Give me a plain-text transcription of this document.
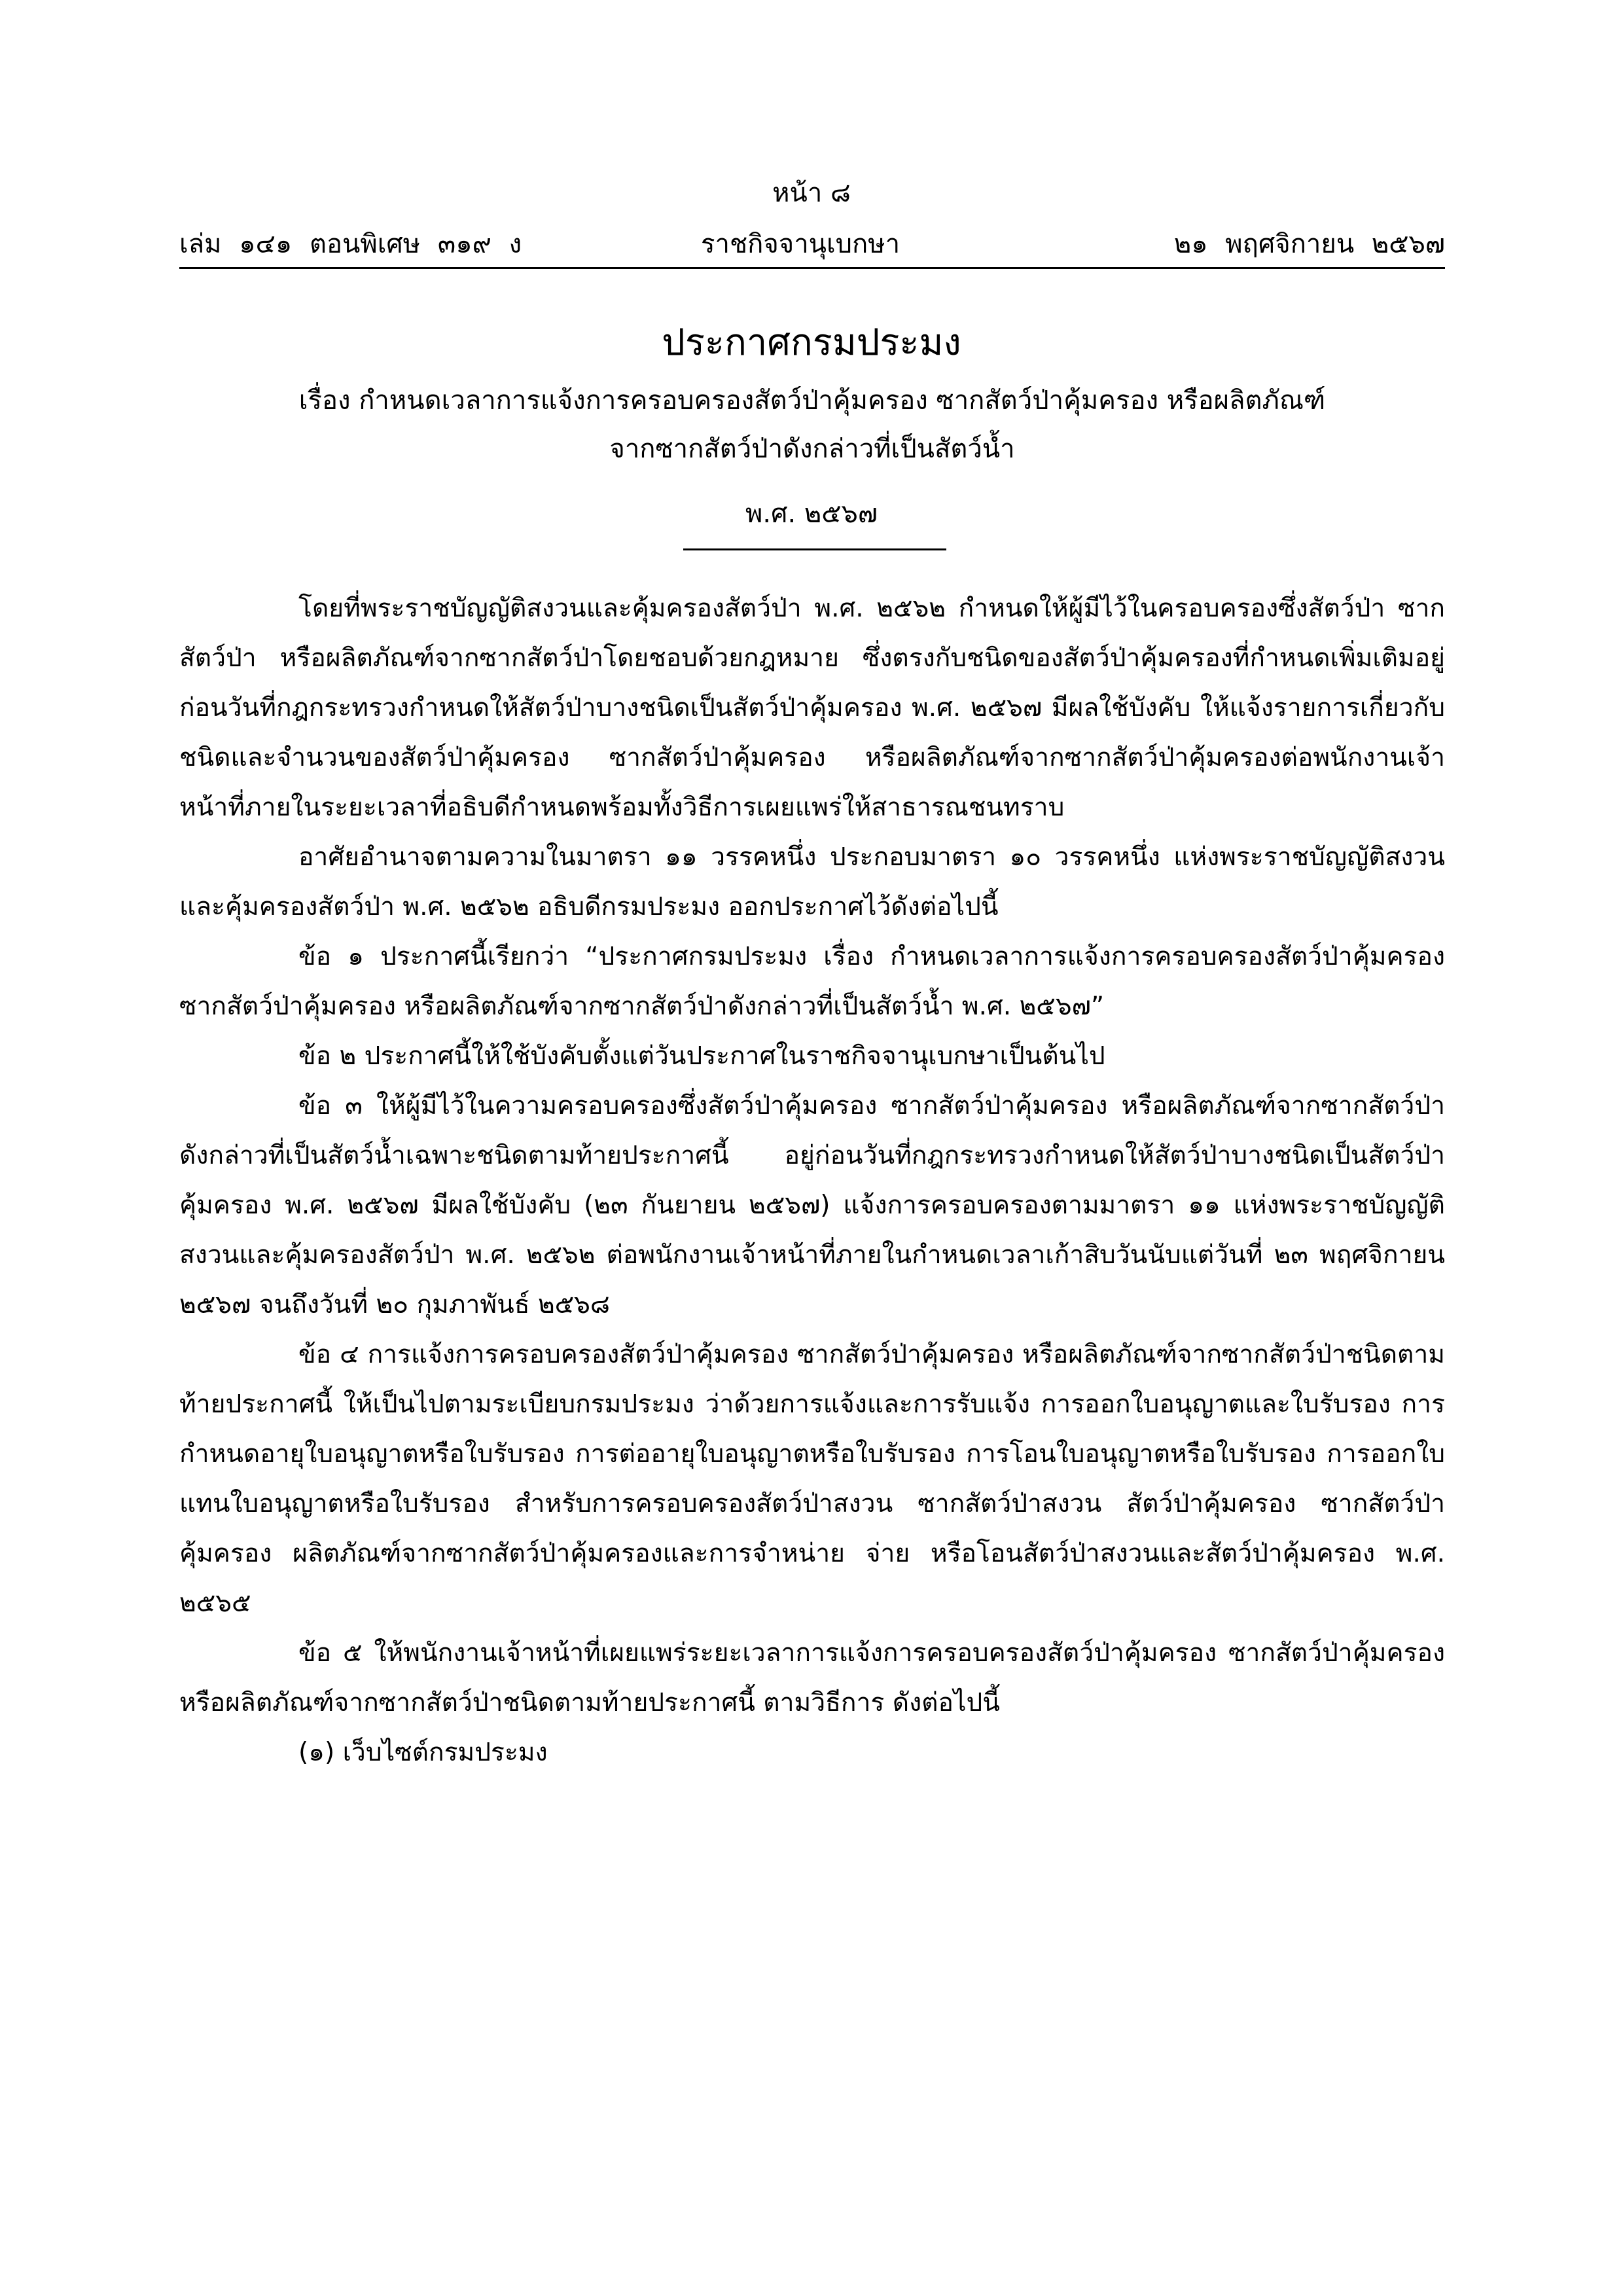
หน้า ๘
เล่ม ๑๔๑ ตอนพิเศษ ๓๑๙ ง	ราชกิจจานุเบกษา	๒๑ พฤศจิกายน ๒๕๖๗
ประกาศกรมประมง
เรื่อง กำหนดเวลาการแจ้งการครอบครองสัตว์ป่าคุ้มครอง ซากสัตว์ป่าคุ้มครอง หรือผลิตภัณฑ์
จากซากสัตว์ป่าดังกล่าวที่เป็นสัตว์น้ำ
พ.ศ. ๒๕๖๗

โดยที่พระราชบัญญัติสงวนและคุ้มครองสัตว์ป่า พ.ศ. ๒๕๖๒ กำหนดให้ผู้มีไว้ในครอบครองซึ่งสัตว์ป่า ซากสัตว์ป่า หรือผลิตภัณฑ์จากซากสัตว์ป่าโดยชอบด้วยกฎหมาย ซึ่งตรงกับชนิดของสัตว์ป่าคุ้มครองที่กำหนดเพิ่มเติมอยู่ก่อนวันที่กฎกระทรวงกำหนดให้สัตว์ป่าบางชนิดเป็นสัตว์ป่าคุ้มครอง พ.ศ. ๒๕๖๗ มีผลใช้บังคับ ให้แจ้งรายการเกี่ยวกับชนิดและจำนวนของสัตว์ป่าคุ้มครอง ซากสัตว์ป่าคุ้มครอง หรือผลิตภัณฑ์จากซากสัตว์ป่าคุ้มครองต่อพนักงานเจ้าหน้าที่ภายในระยะเวลาที่อธิบดีกำหนดพร้อมทั้งวิธีการเผยแพร่ให้สาธารณชนทราบ

อาศัยอำนาจตามความในมาตรา ๑๑ วรรคหนึ่ง ประกอบมาตรา ๑๐ วรรคหนึ่ง แห่งพระราชบัญญัติสงวนและคุ้มครองสัตว์ป่า พ.ศ. ๒๕๖๒ อธิบดีกรมประมง ออกประกาศไว้ดังต่อไปนี้

ข้อ ๑ ประกาศนี้เรียกว่า “ประกาศกรมประมง เรื่อง กำหนดเวลาการแจ้งการครอบครองสัตว์ป่าคุ้มครอง ซากสัตว์ป่าคุ้มครอง หรือผลิตภัณฑ์จากซากสัตว์ป่าดังกล่าวที่เป็นสัตว์น้ำ พ.ศ. ๒๕๖๗”

ข้อ ๒ ประกาศนี้ให้ใช้บังคับตั้งแต่วันประกาศในราชกิจจานุเบกษาเป็นต้นไป

ข้อ ๓ ให้ผู้มีไว้ในความครอบครองซึ่งสัตว์ป่าคุ้มครอง ซากสัตว์ป่าคุ้มครอง หรือผลิตภัณฑ์จากซากสัตว์ป่าดังกล่าวที่เป็นสัตว์น้ำเฉพาะชนิดตามท้ายประกาศนี้ อยู่ก่อนวันที่กฎกระทรวงกำหนดให้สัตว์ป่าบางชนิดเป็นสัตว์ป่าคุ้มครอง พ.ศ. ๒๕๖๗ มีผลใช้บังคับ (๒๓ กันยายน ๒๕๖๗) แจ้งการครอบครองตามมาตรา ๑๑ แห่งพระราชบัญญัติสงวนและคุ้มครองสัตว์ป่า พ.ศ. ๒๕๖๒ ต่อพนักงานเจ้าหน้าที่ภายในกำหนดเวลาเก้าสิบวันนับแต่วันที่ ๒๓ พฤศจิกายน ๒๕๖๗ จนถึงวันที่ ๒๐ กุมภาพันธ์ ๒๕๖๘

ข้อ ๔ การแจ้งการครอบครองสัตว์ป่าคุ้มครอง ซากสัตว์ป่าคุ้มครอง หรือผลิตภัณฑ์จากซากสัตว์ป่าชนิดตามท้ายประกาศนี้ ให้เป็นไปตามระเบียบกรมประมง ว่าด้วยการแจ้งและการรับแจ้ง การออกใบอนุญาตและใบรับรอง การกำหนดอายุใบอนุญาตหรือใบรับรอง การต่ออายุใบอนุญาตหรือใบรับรอง การโอนใบอนุญาตหรือใบรับรอง การออกใบแทนใบอนุญาตหรือใบรับรอง สำหรับการครอบครองสัตว์ป่าสงวน ซากสัตว์ป่าสงวน สัตว์ป่าคุ้มครอง ซากสัตว์ป่าคุ้มครอง ผลิตภัณฑ์จากซากสัตว์ป่าคุ้มครองและการจำหน่าย จ่าย หรือโอนสัตว์ป่าสงวนและสัตว์ป่าคุ้มครอง พ.ศ. ๒๕๖๕

ข้อ ๕ ให้พนักงานเจ้าหน้าที่เผยแพร่ระยะเวลาการแจ้งการครอบครองสัตว์ป่าคุ้มครอง ซากสัตว์ป่าคุ้มครอง หรือผลิตภัณฑ์จากซากสัตว์ป่าชนิดตามท้ายประกาศนี้ ตามวิธีการ ดังต่อไปนี้

(๑) เว็บไซต์กรมประมง
